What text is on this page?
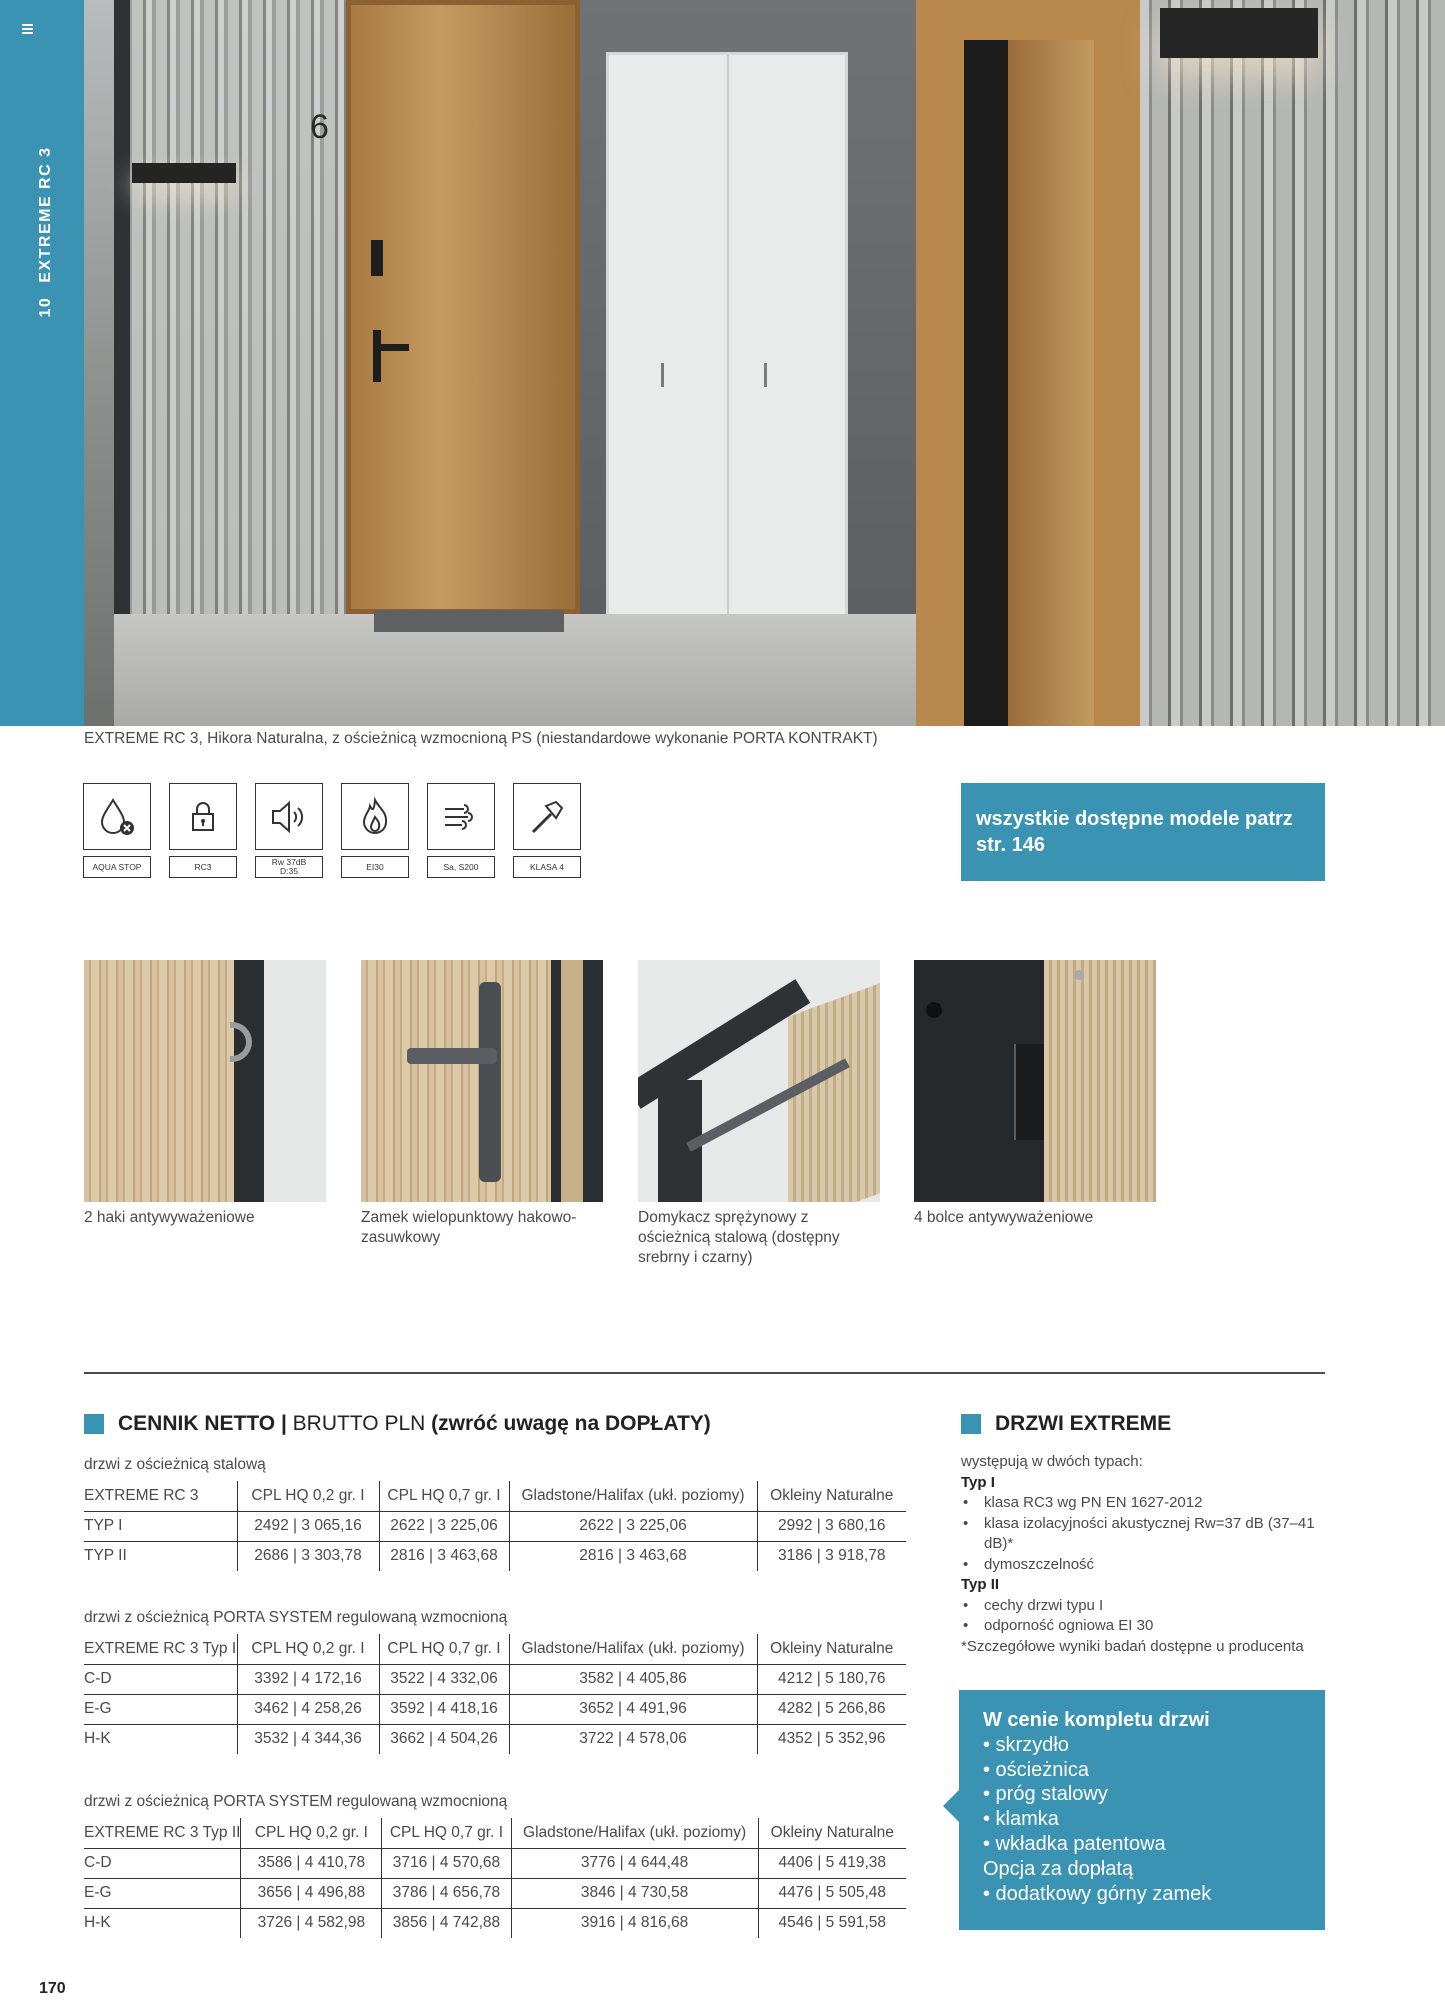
10EXTREME RC 3
6
EXTREME RC 3, Hikora Naturalna, z ościeżnicą wzmocnioną PS (niestandardowe wykonanie PORTA KONTRAKT)
AQUA STOP	RC3	Rw 37dB
D:35	EI30	Sa, S200	KLASA 4
wszystkie dostępne modele patrz str. 146
2 haki antywyważeniowe	Zamek wielopunktowy hakowo-zasuwkowy
Domykacz sprężynowy z ościeżnicą stalową (dostępny srebrny i czarny)
4 bolce antywyważeniowe
CENNIK NETTO | BRUTTO PLN (zwróć uwagę na DOPŁATY)
drzwi z ościeżnicą stalową
EXTREME RC 3	CPL HQ 0,2 gr. I	CPL HQ 0,7 gr. I	Gladstone/Halifax (ukł. poziomy)	Okleiny Naturalne
TYP I	2492 | 3 065,16	2622 | 3 225,06	2622 | 3 225,06	2992 | 3 680,16
TYP II	2686 | 3 303,78	2816 | 3 463,68	2816 | 3 463,68	3186 | 3 918,78
drzwi z ościeżnicą PORTA SYSTEM regulowaną wzmocnioną
EXTREME RC 3 Typ I	CPL HQ 0,2 gr. I	CPL HQ 0,7 gr. I	Gladstone/Halifax (ukł. poziomy)	Okleiny Naturalne
C-D	3392 | 4 172,16	3522 | 4 332,06	3582 | 4 405,86	4212 | 5 180,76
E-G	3462 | 4 258,26	3592 | 4 418,16	3652 | 4 491,96	4282 | 5 266,86
H-K	3532 | 4 344,36	3662 | 4 504,26	3722 | 4 578,06	4352 | 5 352,96
drzwi z ościeżnicą PORTA SYSTEM regulowaną wzmocnioną
EXTREME RC 3 Typ II	CPL HQ 0,2 gr. I	CPL HQ 0,7 gr. I	Gladstone/Halifax (ukł. poziomy)	Okleiny Naturalne
C-D	3586 | 4 410,78	3716 | 4 570,68	3776 | 4 644,48	4406 | 5 419,38
E-G	3656 | 4 496,88	3786 | 4 656,78	3846 | 4 730,58	4476 | 5 505,48
H-K	3726 | 4 582,98	3856 | 4 742,88	3916 | 4 816,68	4546 | 5 591,58
DRZWI EXTREME
występują w dwóch typach:
Typ I
• klasa RC3 wg PN EN 1627-2012
• klasa izolacyjności akustycznej Rw=37 dB (37–41 dB)*
• dymoszczelność
Typ II
• cechy drzwi typu I
• odporność ogniowa EI 30
*Szczegółowe wyniki badań dostępne u producenta
W cenie kompletu drzwi
• skrzydło
• ościeżnica
• próg stalowy
• klamka
• wkładka patentowa
Opcja za dopłatą
• dodatkowy górny zamek
170
